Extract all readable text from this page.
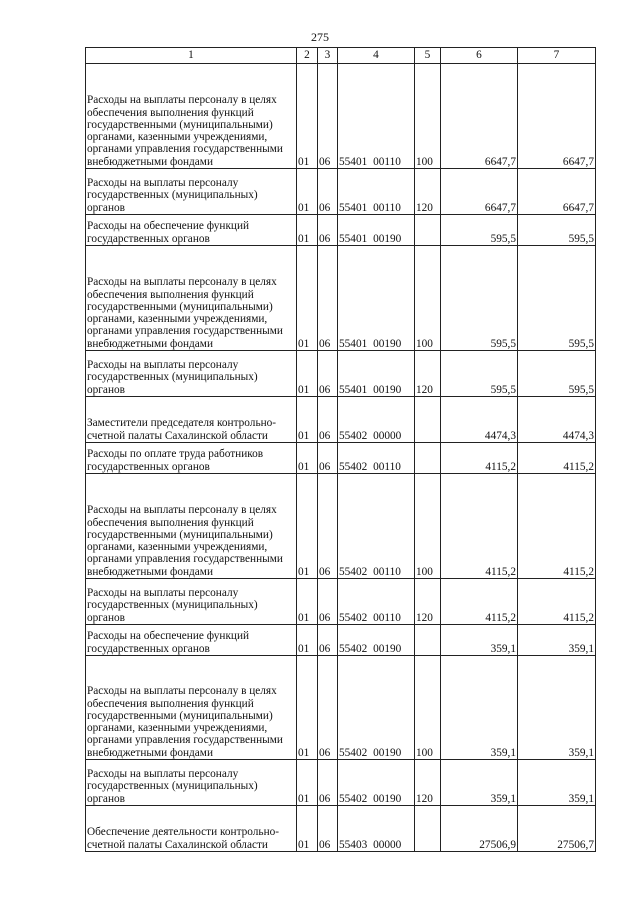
275
1	2	3	4	5	6	7
Расходы на выплаты персоналу в целях обеспечения выполнения функций государственными (муниципальными) органами, казенными учреждениями, органами управления государственными внебюджетными фондами	01	06	55401 00110	100	6647,7	6647,7
Расходы на выплаты персоналу государственных (муниципальных) органов	01	06	55401 00110	120	6647,7	6647,7
Расходы на обеспечение функций государственных органов	01	06	55401 00190		595,5	595,5
Расходы на выплаты персоналу в целях обеспечения выполнения функций государственными (муниципальными) органами, казенными учреждениями, органами управления государственными внебюджетными фондами	01	06	55401 00190	100	595,5	595,5
Расходы на выплаты персоналу государственных (муниципальных) органов	01	06	55401 00190	120	595,5	595,5
Заместители председателя контрольно-счетной палаты Сахалинской области	01	06	55402 00000		4474,3	4474,3
Расходы по оплате труда работников государственных органов	01	06	55402 00110		4115,2	4115,2
Расходы на выплаты персоналу в целях обеспечения выполнения функций государственными (муниципальными) органами, казенными учреждениями, органами управления государственными внебюджетными фондами	01	06	55402 00110	100	4115,2	4115,2
Расходы на выплаты персоналу государственных (муниципальных) органов	01	06	55402 00110	120	4115,2	4115,2
Расходы на обеспечение функций государственных органов	01	06	55402 00190		359,1	359,1
Расходы на выплаты персоналу в целях обеспечения выполнения функций государственными (муниципальными) органами, казенными учреждениями, органами управления государственными внебюджетными фондами	01	06	55402 00190	100	359,1	359,1
Расходы на выплаты персоналу государственных (муниципальных) органов	01	06	55402 00190	120	359,1	359,1
Обеспечение деятельности контрольно-счетной палаты Сахалинской области	01	06	55403 00000		27506,9	27506,7
